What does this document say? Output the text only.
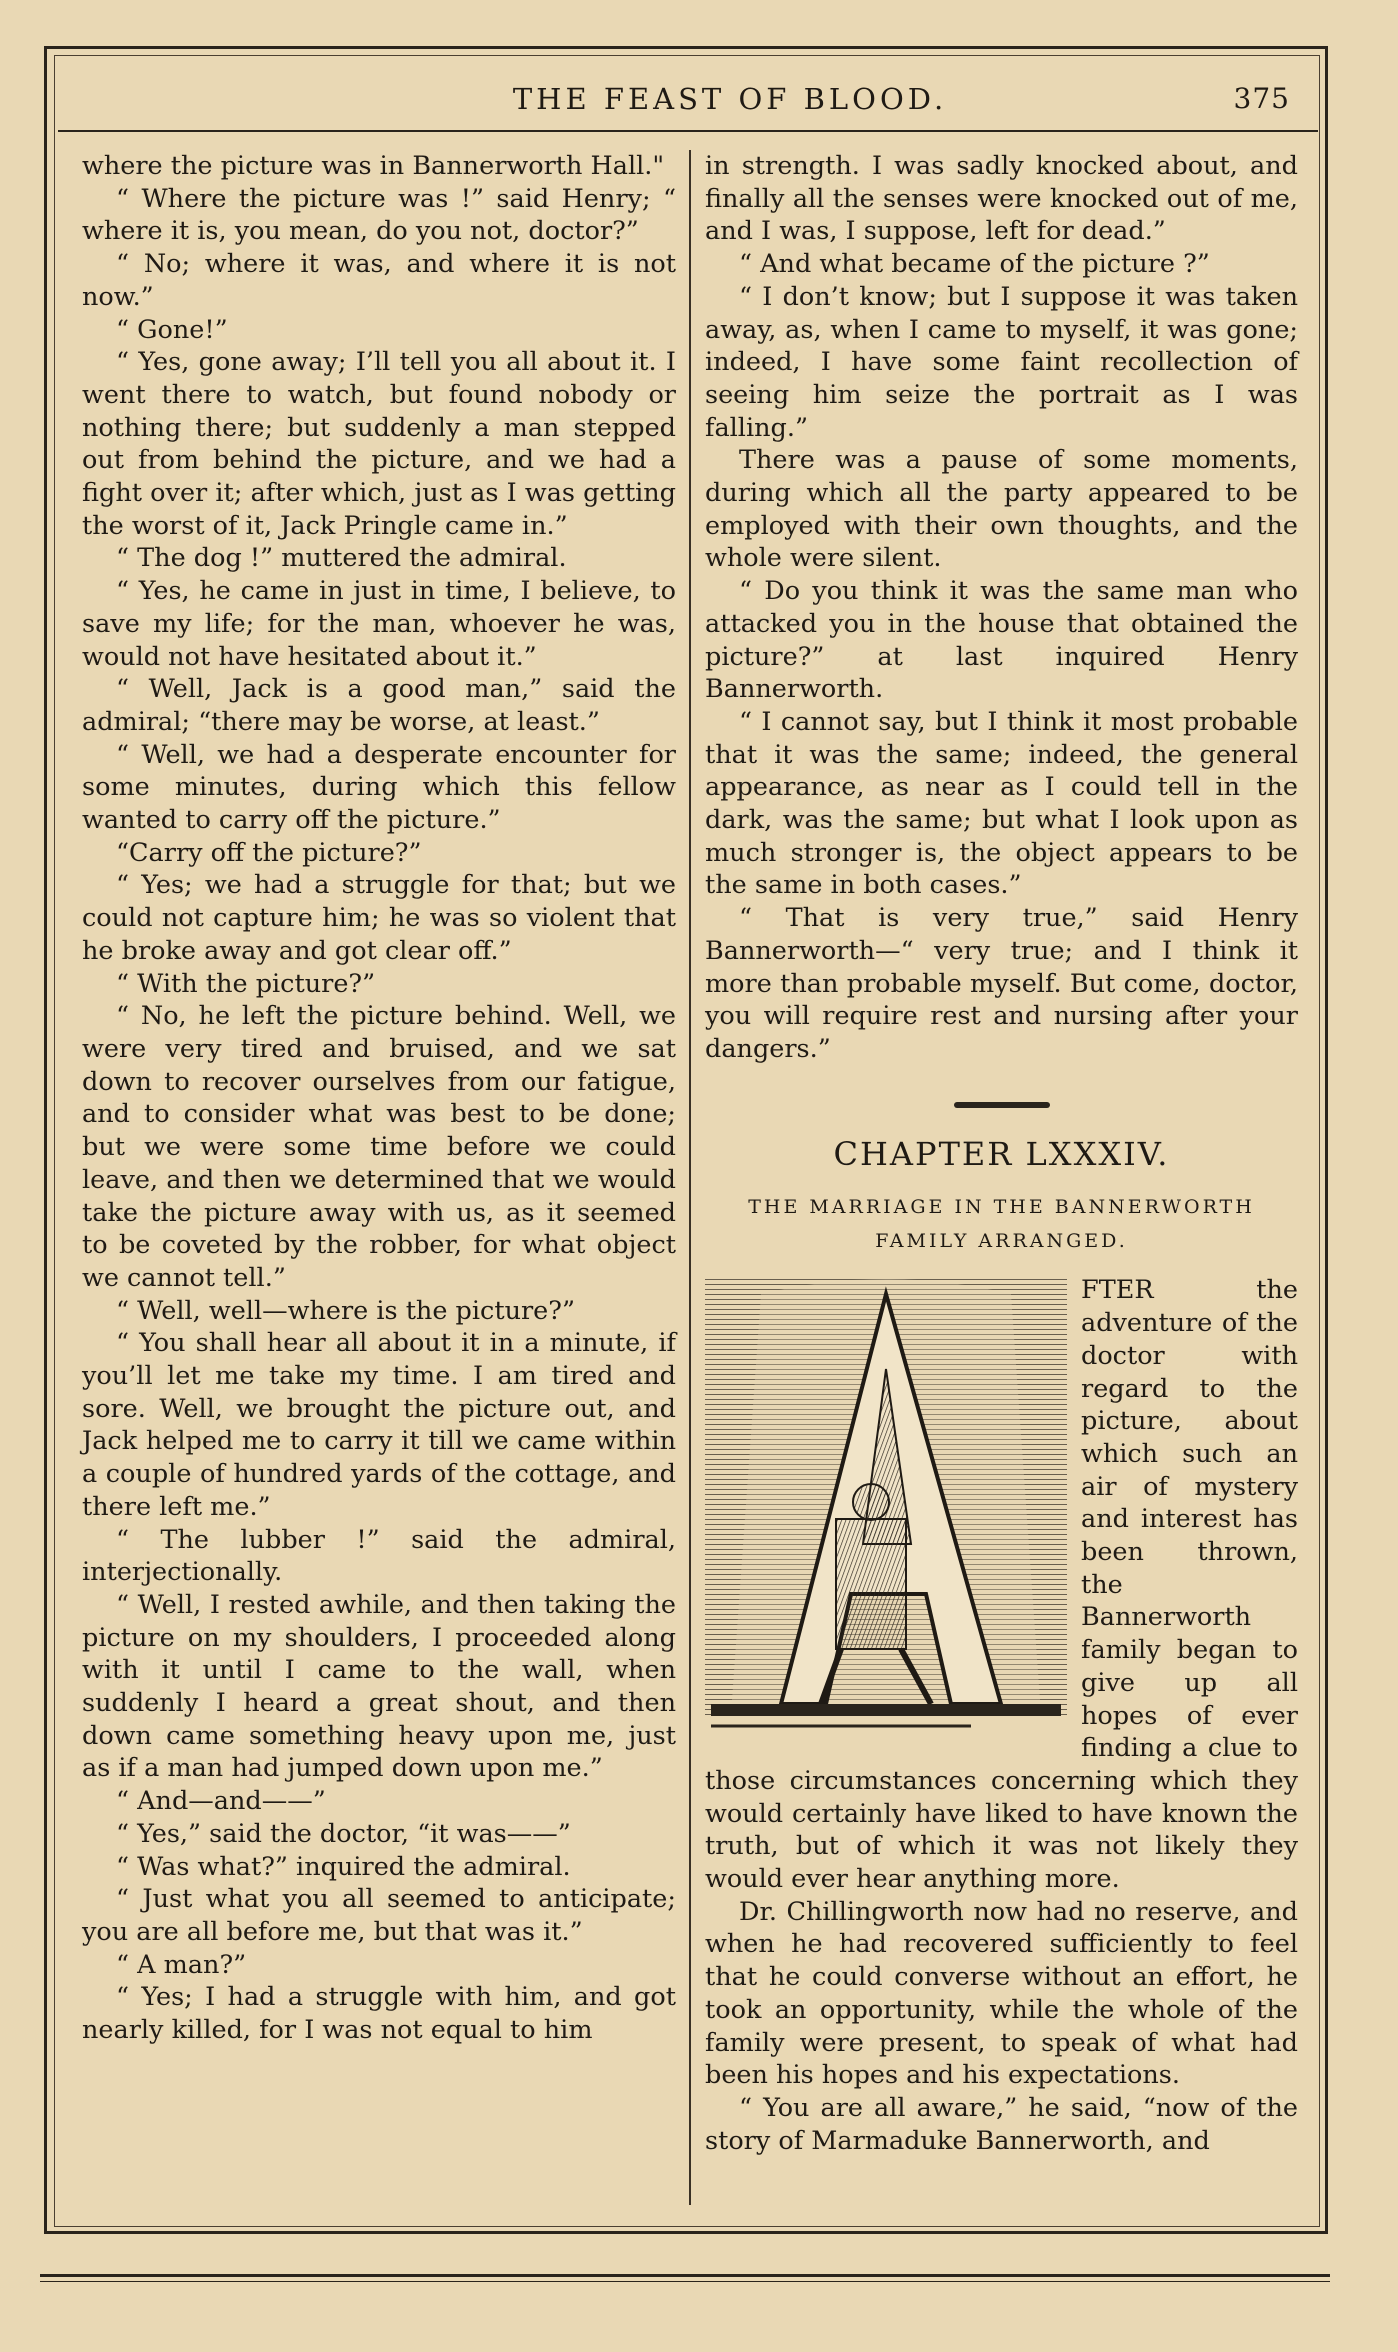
THE FEAST OF BLOOD.	375

where the picture was in Bannerworth Hall."

“ Where the picture was !” said Henry; “ where it is, you mean, do you not, doctor?”

“ No; where it was, and where it is not now.”

“ Gone!”

“ Yes, gone away; I’ll tell you all about it. I went there to watch, but found nobody or nothing there; but suddenly a man stepped out from behind the picture, and we had a fight over it; after which, just as I was getting the worst of it, Jack Pringle came in.”

“ The dog !” muttered the admiral.

“ Yes, he came in just in time, I believe, to save my life; for the man, whoever he was, would not have hesitated about it.”

“ Well, Jack is a good man,” said the admiral; “there may be worse, at least.”

“ Well, we had a desperate encounter for some minutes, during which this fellow wanted to carry off the picture.”

“Carry off the picture?”

“ Yes; we had a struggle for that; but we could not capture him; he was so violent that he broke away and got clear off.”

“ With the picture?”

“ No, he left the picture behind. Well, we were very tired and bruised, and we sat down to recover ourselves from our fatigue, and to consider what was best to be done; but we were some time before we could leave, and then we determined that we would take the picture away with us, as it seemed to be coveted by the robber, for what object we cannot tell.”

“ Well, well—where is the picture?”

“ You shall hear all about it in a minute, if you’ll let me take my time. I am tired and sore. Well, we brought the picture out, and Jack helped me to carry it till we came within a couple of hundred yards of the cottage, and there left me.”

“ The lubber !” said the admiral, interjectionally.

“ Well, I rested awhile, and then taking the picture on my shoulders, I proceeded along with it until I came to the wall, when suddenly I heard a great shout, and then down came something heavy upon me, just as if a man had jumped down upon me.”

“ And—and——”

“ Yes,” said the doctor, “it was——”

“ Was what?” inquired the admiral.

“ Just what you all seemed to anticipate; you are all before me, but that was it.”

“ A man?”

“ Yes; I had a struggle with him, and got nearly killed, for I was not equal to him

in strength. I was sadly knocked about, and finally all the senses were knocked out of me, and I was, I suppose, left for dead.”

“ And what became of the picture ?”

“ I don’t know; but I suppose it was taken away, as, when I came to myself, it was gone; indeed, I have some faint recollection of seeing him seize the portrait as I was falling.”

There was a pause of some moments, during which all the party appeared to be employed with their own thoughts, and the whole were silent.

“ Do you think it was the same man who attacked you in the house that obtained the picture?” at last inquired Henry Bannerworth.

“ I cannot say, but I think it most probable that it was the same; indeed, the general appearance, as near as I could tell in the dark, was the same; but what I look upon as much stronger is, the object appears to be the same in both cases.”

“ That is very true,” said Henry Bannerworth—“ very true; and I think it more than probable myself. But come, doctor, you will require rest and nursing after your dangers.”

CHAPTER LXXXIV.
THE MARRIAGE IN THE BANNERWORTH
FAMILY ARRANGED.

FTER the adventure of the doctor with regard to the picture, about which such an air of mystery and interest has been thrown, the Bannerworth family began to give up all hopes of ever finding a clue to those circumstances concerning which they would certainly have liked to have known the truth, but of which it was not likely they would ever hear anything more.

Dr. Chillingworth now had no reserve, and when he had recovered sufficiently to feel that he could converse without an effort, he took an opportunity, while the whole of the family were present, to speak of what had been his hopes and his expectations.

“ You are all aware,” he said, “now of the story of Marmaduke Bannerworth, and
